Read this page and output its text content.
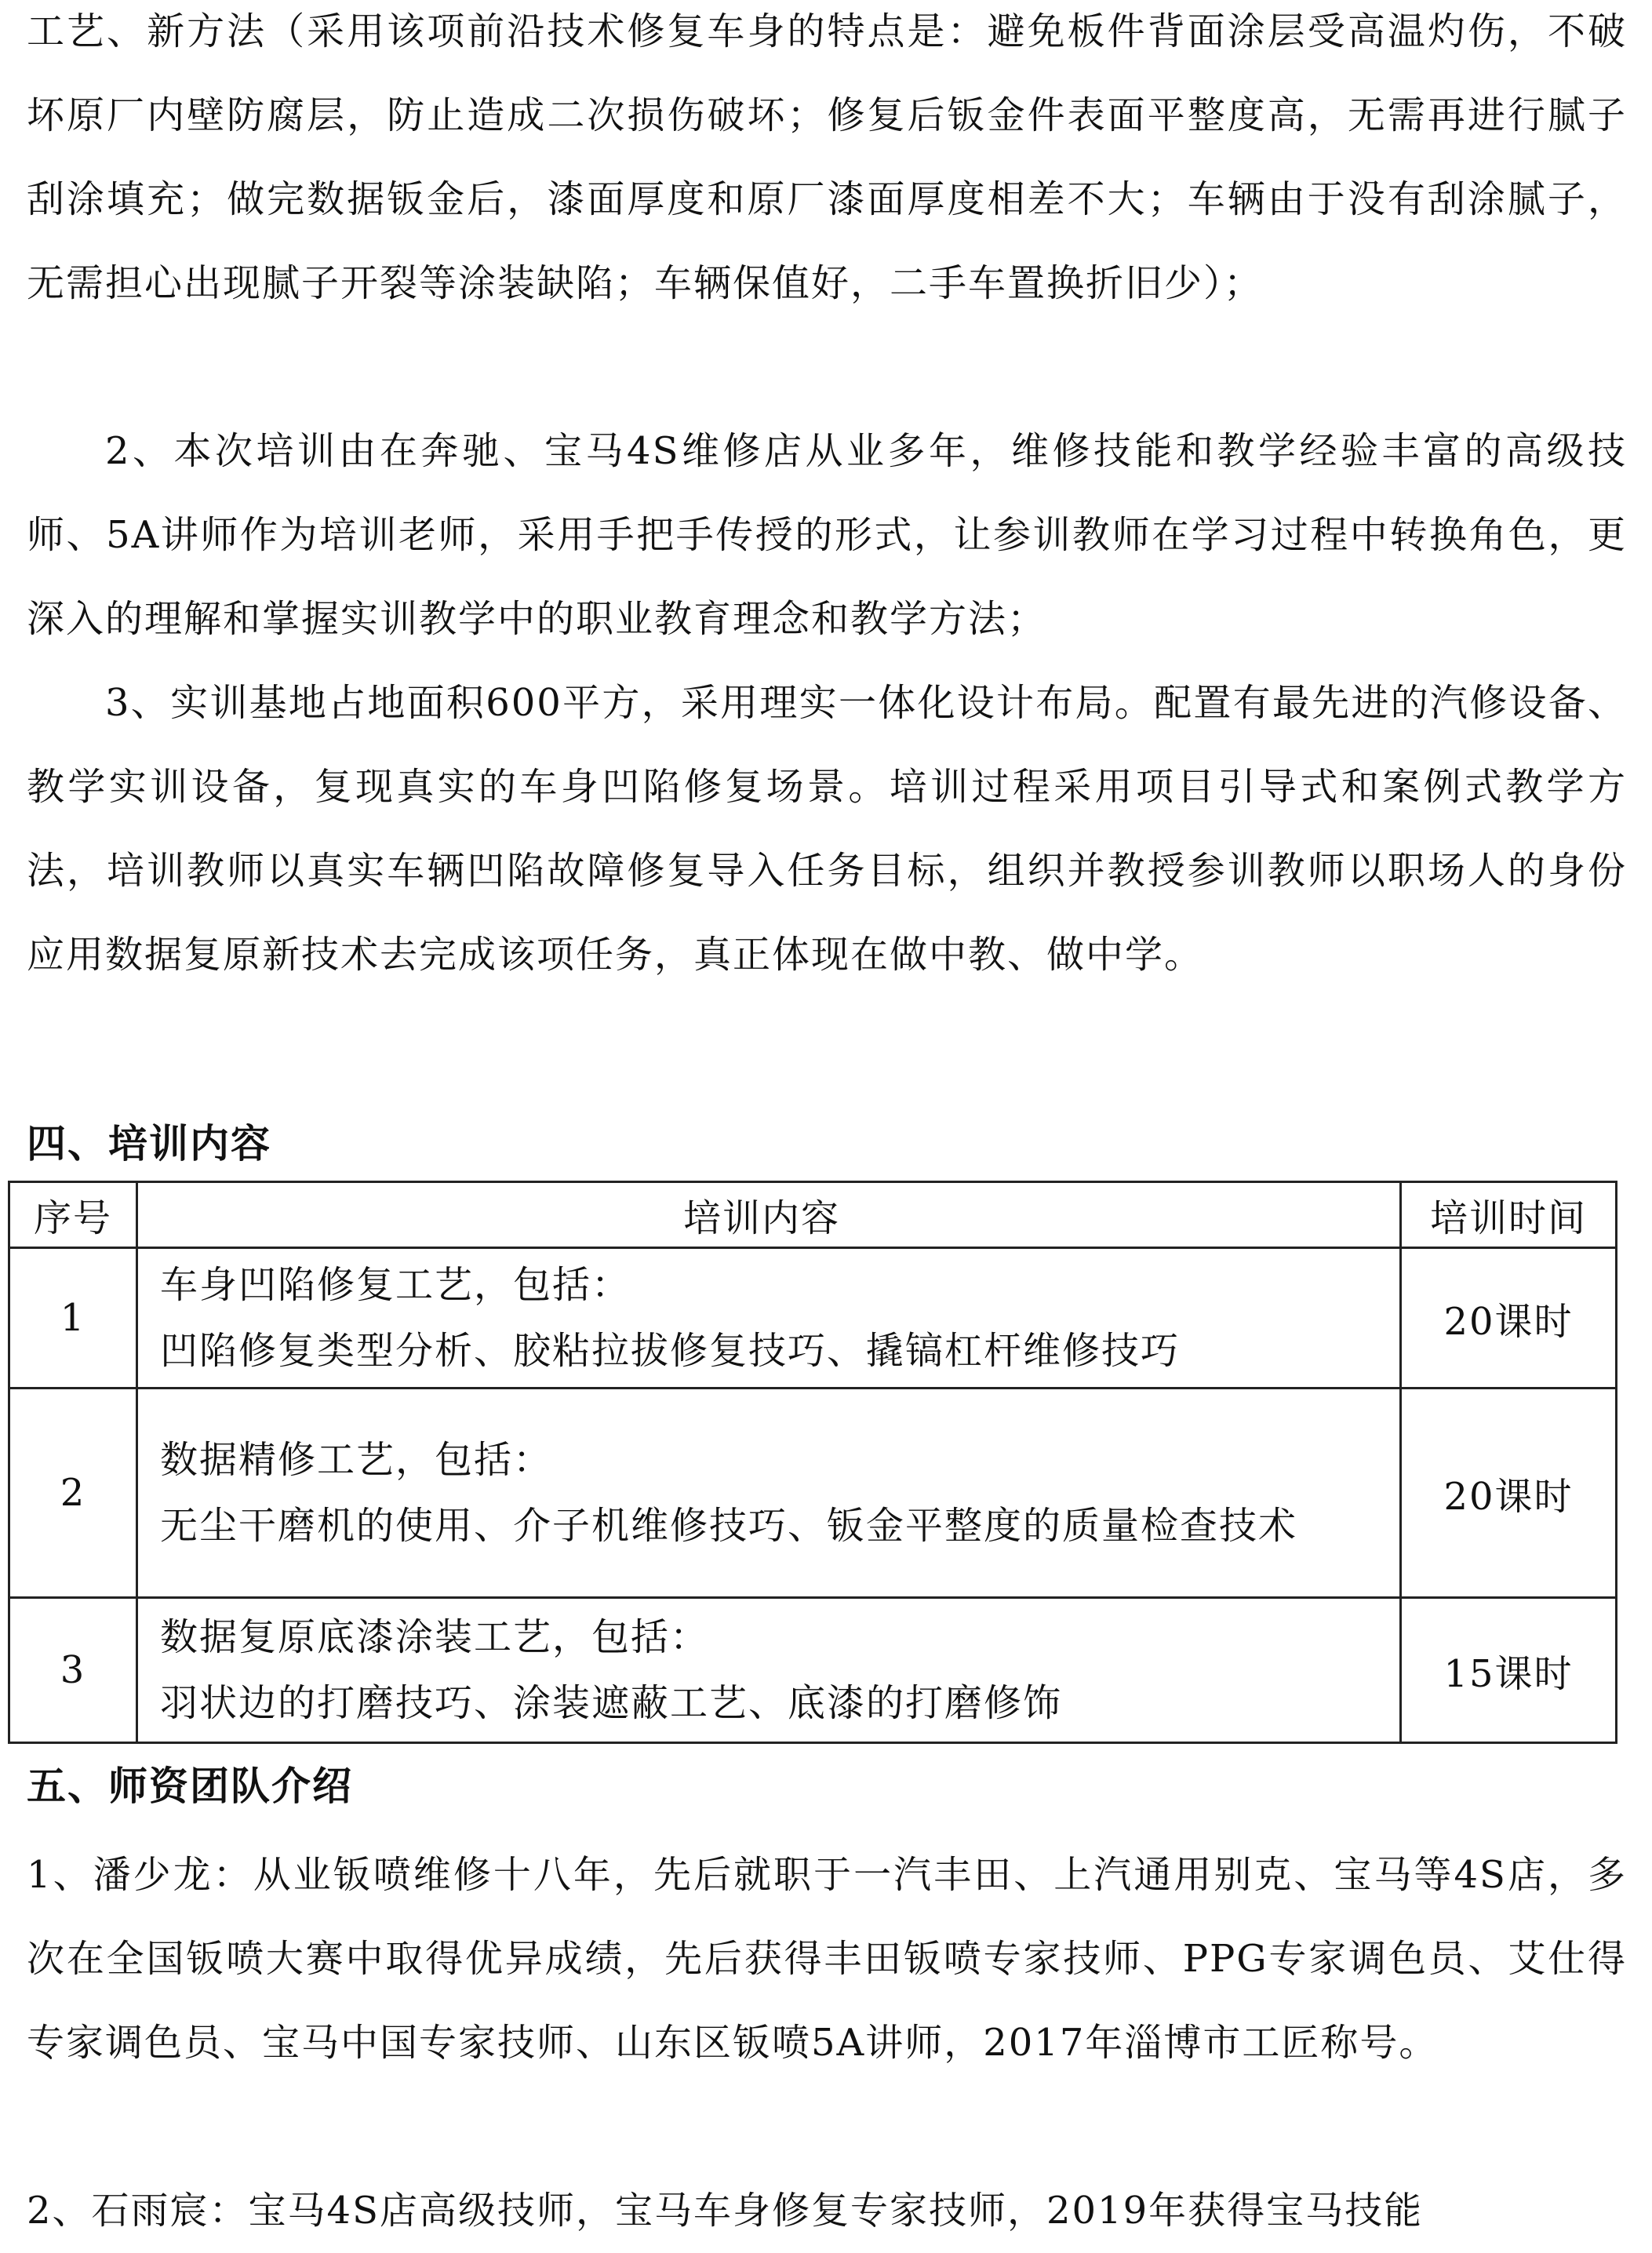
工艺、新方法（采用该项前沿技术修复车身的特点是：避免板件背面涂层受高温灼伤，不破坏原厂内壁防腐层，防止造成二次损伤破坏；修复后钣金件表面平整度高，无需再进行腻子刮涂填充；做完数据钣金后，漆面厚度和原厂漆面厚度相差不大；车辆由于没有刮涂腻子，无需担心出现腻子开裂等涂装缺陷；车辆保值好，二手车置换折旧少）；

2、本次培训由在奔驰、宝马4S维修店从业多年，维修技能和教学经验丰富的高级技师、5A讲师作为培训老师，采用手把手传授的形式，让参训教师在学习过程中转换角色，更深入的理解和掌握实训教学中的职业教育理念和教学方法；

3、实训基地占地面积600平方，采用理实一体化设计布局。配置有最先进的汽修设备、教学实训设备，复现真实的车身凹陷修复场景。培训过程采用项目引导式和案例式教学方法，培训教师以真实车辆凹陷故障修复导入任务目标，组织并教授参训教师以职场人的身份应用数据复原新技术去完成该项任务，真正体现在做中教、做中学。

四、培训内容
序号	培训内容	培训时间
1	车身凹陷修复工艺，包括：
凹陷修复类型分析、胶粘拉拔修复技巧、撬镐杠杆维修技巧	20课时
2	数据精修工艺，包括：
无尘干磨机的使用、介子机维修技巧、钣金平整度的质量检查技术	20课时
3	数据复原底漆涂装工艺，包括：
羽状边的打磨技巧、涂装遮蔽工艺、底漆的打磨修饰	15课时
五、师资团队介绍

1、潘少龙：从业钣喷维修十八年，先后就职于一汽丰田、上汽通用别克、宝马等4S店，多次在全国钣喷大赛中取得优异成绩，先后获得丰田钣喷专家技师、PPG专家调色员、艾仕得专家调色员、宝马中国专家技师、山东区钣喷5A讲师，2017年淄博市工匠称号。

2、石雨宸：宝马4S店高级技师，宝马车身修复专家技师，2019年获得宝马技能
